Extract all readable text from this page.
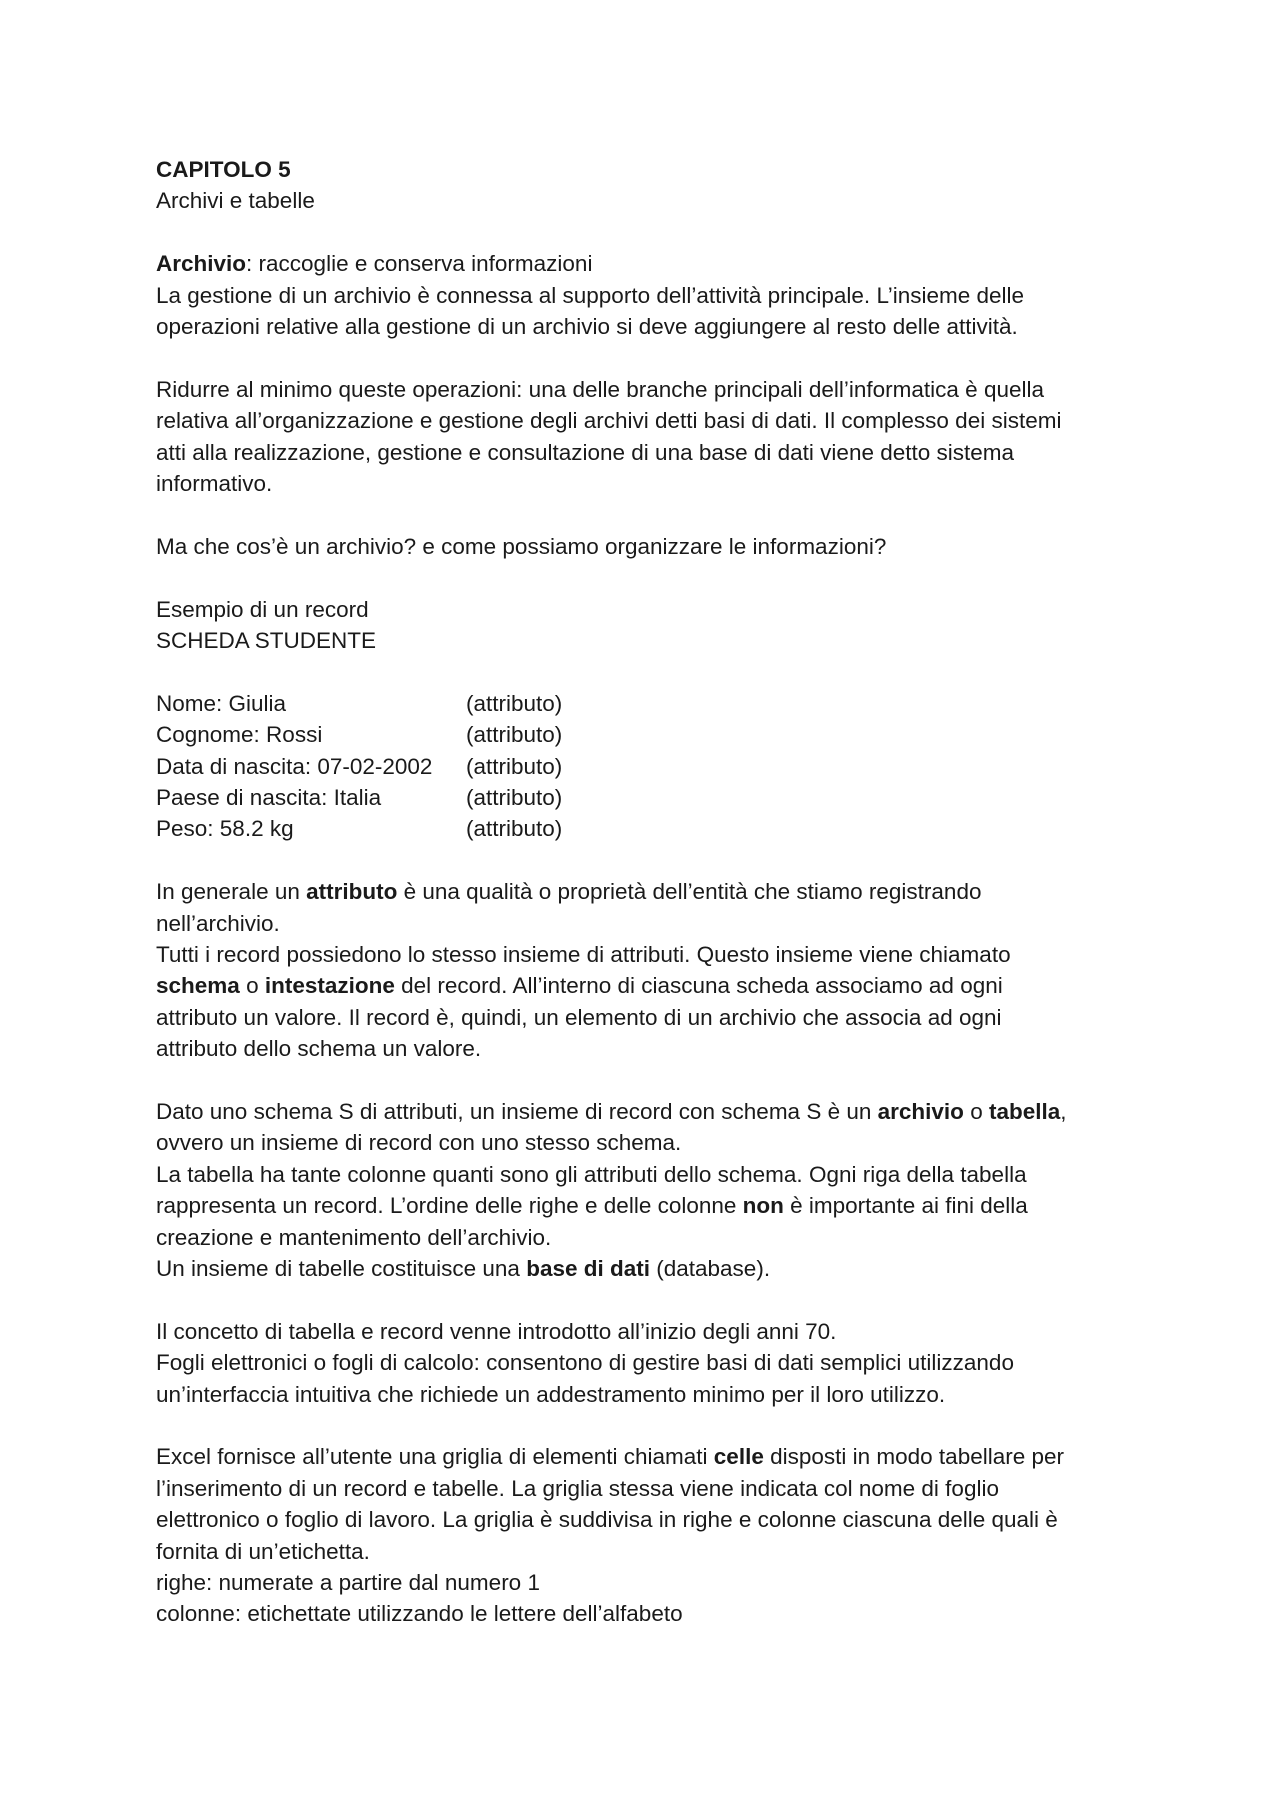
CAPITOLO 5
Archivi e tabelle
Archivio: raccoglie e conserva informazioni
La gestione di un archivio è connessa al supporto dell’attività principale. L’insieme delle
operazioni relative alla gestione di un archivio si deve aggiungere al resto delle attività.
Ridurre al minimo queste operazioni: una delle branche principali dell’informatica è quella
relativa all’organizzazione e gestione degli archivi detti basi di dati. Il complesso dei sistemi
atti alla realizzazione, gestione e consultazione di una base di dati viene detto sistema
informativo.
Ma che cos’è un archivio? e come possiamo organizzare le informazioni?
Esempio di un record
SCHEDA STUDENTE
Nome: Giulia	(attributo)
Cognome: Rossi	(attributo)
Data di nascita: 07-02-2002	(attributo)
Paese di nascita: Italia	(attributo)
Peso: 58.2 kg	(attributo)
In generale un attributo è una qualità o proprietà dell’entità che stiamo registrando
nell’archivio.
Tutti i record possiedono lo stesso insieme di attributi. Questo insieme viene chiamato
schema o intestazione del record. All’interno di ciascuna scheda associamo ad ogni
attributo un valore. Il record è, quindi, un elemento di un archivio che associa ad ogni
attributo dello schema un valore.
Dato uno schema S di attributi, un insieme di record con schema S è un archivio o tabella,
ovvero un insieme di record con uno stesso schema.
La tabella ha tante colonne quanti sono gli attributi dello schema. Ogni riga della tabella
rappresenta un record. L’ordine delle righe e delle colonne non è importante ai fini della
creazione e mantenimento dell’archivio.
Un insieme di tabelle costituisce una base di dati (database).
Il concetto di tabella e record venne introdotto all’inizio degli anni 70.
Fogli elettronici o fogli di calcolo: consentono di gestire basi di dati semplici utilizzando
un’interfaccia intuitiva che richiede un addestramento minimo per il loro utilizzo.
Excel fornisce all’utente una griglia di elementi chiamati celle disposti in modo tabellare per
l’inserimento di un record e tabelle. La griglia stessa viene indicata col nome di foglio
elettronico o foglio di lavoro. La griglia è suddivisa in righe e colonne ciascuna delle quali è
fornita di un’etichetta.
righe: numerate a partire dal numero 1
colonne: etichettate utilizzando le lettere dell’alfabeto
